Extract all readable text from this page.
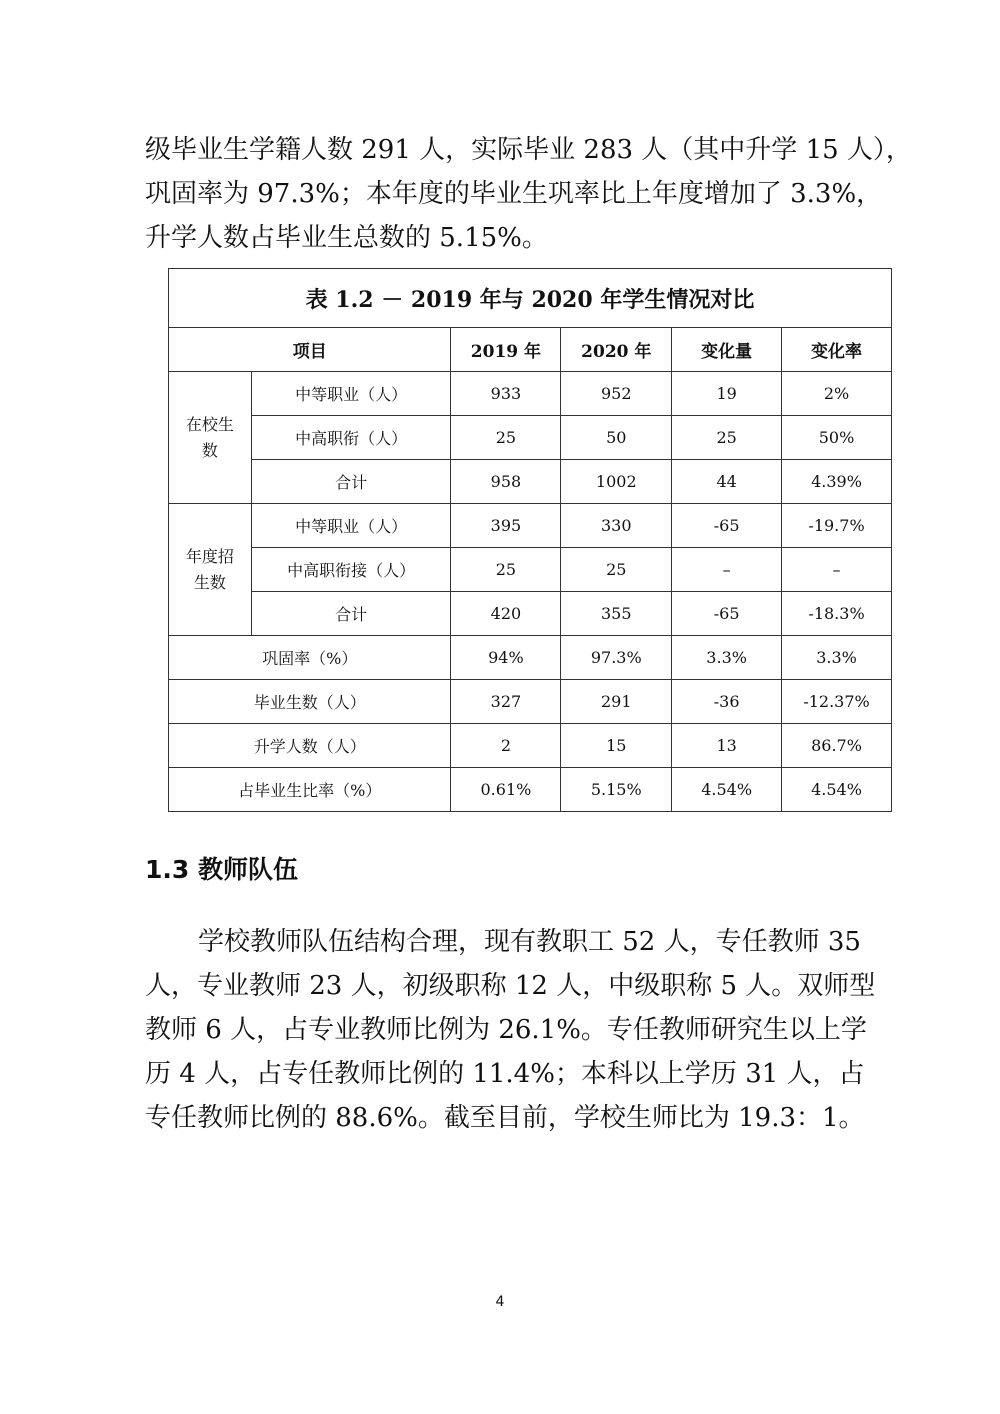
级毕业生学籍人数 291 人，实际毕业 283 人（其中升学 15 人），
巩固率为 97.3%；本年度的毕业生巩率比上年度增加了 3.3%，
升学人数占毕业生总数的 5.15%。

表 1.2 － 2019 年与 2020 年学生情况对比					
项目		2019 年	2020 年	变化量	变化率

在校生
数	中等职业（人）	933	952	19	2%
	中高职衔（人）	25	50	25	50%
	合计	958	1002	44	4.39%

年度招
生数	中等职业（人）	395	330	-65	-19.7%
	中高职衔接（人）	25	25	–	–
	合计	420	355	-65	-18.3%
巩固率（%）		94%	97.3%	3.3%	3.3%
毕业生数（人）		327	291	-36	-12.37%
升学人数（人）		2	15	13	86.7%
占毕业生比率（%）		0.61%	5.15%	4.54%	4.54%
1.3 教师队伍

学校教师队伍结构合理，现有教职工 52 人，专任教师 35
人，专业教师 23 人，初级职称 12 人，中级职称 5 人。双师型
教师 6 人，占专业教师比例为 26.1%。专任教师研究生以上学
历 4 人，占专任教师比例的 11.4%；本科以上学历 31 人，占
专任教师比例的 88.6%。截至目前，学校生师比为 19.3：1。

4
